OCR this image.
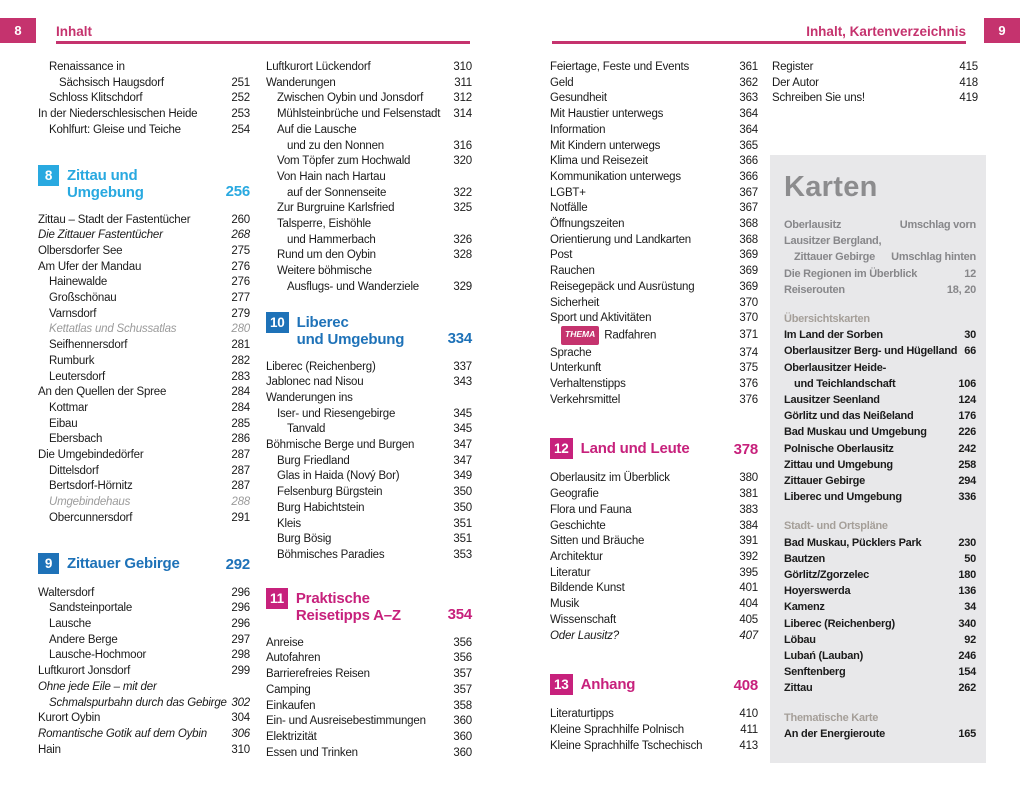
8	Inhalt	Inhalt, Kartenverzeichnis	9
Renaissance in
Sächsisch Haugsdorf	251
Schloss Klitschdorf	252
In der Niederschlesischen Heide	253
Kohlfurt: Gleise und Teiche	254
8 Zittau und
Umgebung	256
Zittau – Stadt der Fastentücher	260
Die Zittauer Fastentücher	268
Olbersdorfer See	275
Am Ufer der Mandau	276
Hainewalde	276
Großschönau	277
Varnsdorf	279
Kettatlas und Schussatlas	280
Seifhennersdorf	281
Rumburk	282
Leutersdorf	283
An den Quellen der Spree	284
Kottmar	284
Eibau	285
Ebersbach	286
Die Umgebindedörfer	287
Dittelsdorf	287
Bertsdorf-Hörnitz	287
Umgebindehaus	288
Obercunnersdorf	291
9 Zittauer Gebirge	292
Waltersdorf	296
Sandsteinportale	296
Lausche	296
Andere Berge	297
Lausche-Hochmoor	298
Luftkurort Jonsdorf	299
Ohne jede Eile – mit der
Schmalspurbahn durch das Gebirge 302
Kurort Oybin	304
Romantische Gotik auf dem Oybin	306
Hain	310
Luftkurort Lückendorf	310
Wanderungen	311
Zwischen Oybin und Jonsdorf	312
Mühlsteinbrüche und Felsenstadt	314
Auf die Lausche
und zu den Nonnen	316
Vom Töpfer zum Hochwald	320
Von Hain nach Hartau
auf der Sonnenseite	322
Zur Burgruine Karlsfried	325
Talsperre, Eishöhle
und Hammerbach	326
Rund um den Oybin	328
Weitere böhmische
Ausflugs- und Wanderziele	329
10 Liberec
und Umgebung	334
Liberec (Reichenberg)	337
Jablonec nad Nisou	343
Wanderungen ins
Iser- und Riesengebirge	345
Tanvald	345
Böhmische Berge und Burgen	347
Burg Friedland	347
Glas in Haida (Nový Bor)	349
Felsenburg Bürgstein	350
Burg Habichtstein	350
Kleis	351
Burg Bösig	351
Böhmisches Paradies	353
11 Praktische
Reisetipps A–Z	354
Anreise	356
Autofahren	356
Barrierefreies Reisen	357
Camping	357
Einkaufen	358
Ein- und Ausreisebestimmungen	360
Elektrizität	360
Essen und Trinken	360
Feiertage, Feste und Events	361
Geld	362
Gesundheit	363
Mit Haustier unterwegs	364
Information	364
Mit Kindern unterwegs	365
Klima und Reisezeit	366
Kommunikation unterwegs	366
LGBT+	367
Notfälle	367
Öffnungszeiten	368
Orientierung und Landkarten	368
Post	369
Rauchen	369
Reisegepäck und Ausrüstung	369
Sicherheit	370
Sport und Aktivitäten	370
THEMA Radfahren	371
Sprache	374
Unterkunft	375
Verhaltenstipps	376
Verkehrsmittel	376
12 Land und Leute	378
Oberlausitz im Überblick	380
Geografie	381
Flora und Fauna	383
Geschichte	384
Sitten und Bräuche	391
Architektur	392
Literatur	395
Bildende Kunst	401
Musik	404
Wissenschaft	405
Oder Lausitz?	407
13 Anhang	408
Literaturtipps	410
Kleine Sprachhilfe Polnisch	411
Kleine Sprachhilfe Tschechisch	413
Register	415
Der Autor	418
Schreiben Sie uns!	419
Karten
Oberlausitz	Umschlag vorn
Lausitzer Bergland,
Zittauer Gebirge	Umschlag hinten
Die Regionen im Überblick	12
Reiserouten	18, 20
Übersichtskarten
Im Land der Sorben	30
Oberlausitzer Berg- und Hügelland 66
Oberlausitzer Heide-
und Teichlandschaft	106
Lausitzer Seenland	124
Görlitz und das Neißeland	176
Bad Muskau und Umgebung	226
Polnische Oberlausitz	242
Zittau und Umgebung	258
Zittauer Gebirge	294
Liberec und Umgebung	336
Stadt- und Ortspläne
Bad Muskau, Pücklers Park	230
Bautzen	50
Görlitz/Zgorzelec	180
Hoyerswerda	136
Kamenz	34
Liberec (Reichenberg)	340
Löbau	92
Lubań (Lauban)	246
Senftenberg	154
Zittau	262
Thematische Karte
An der Energieroute	165
